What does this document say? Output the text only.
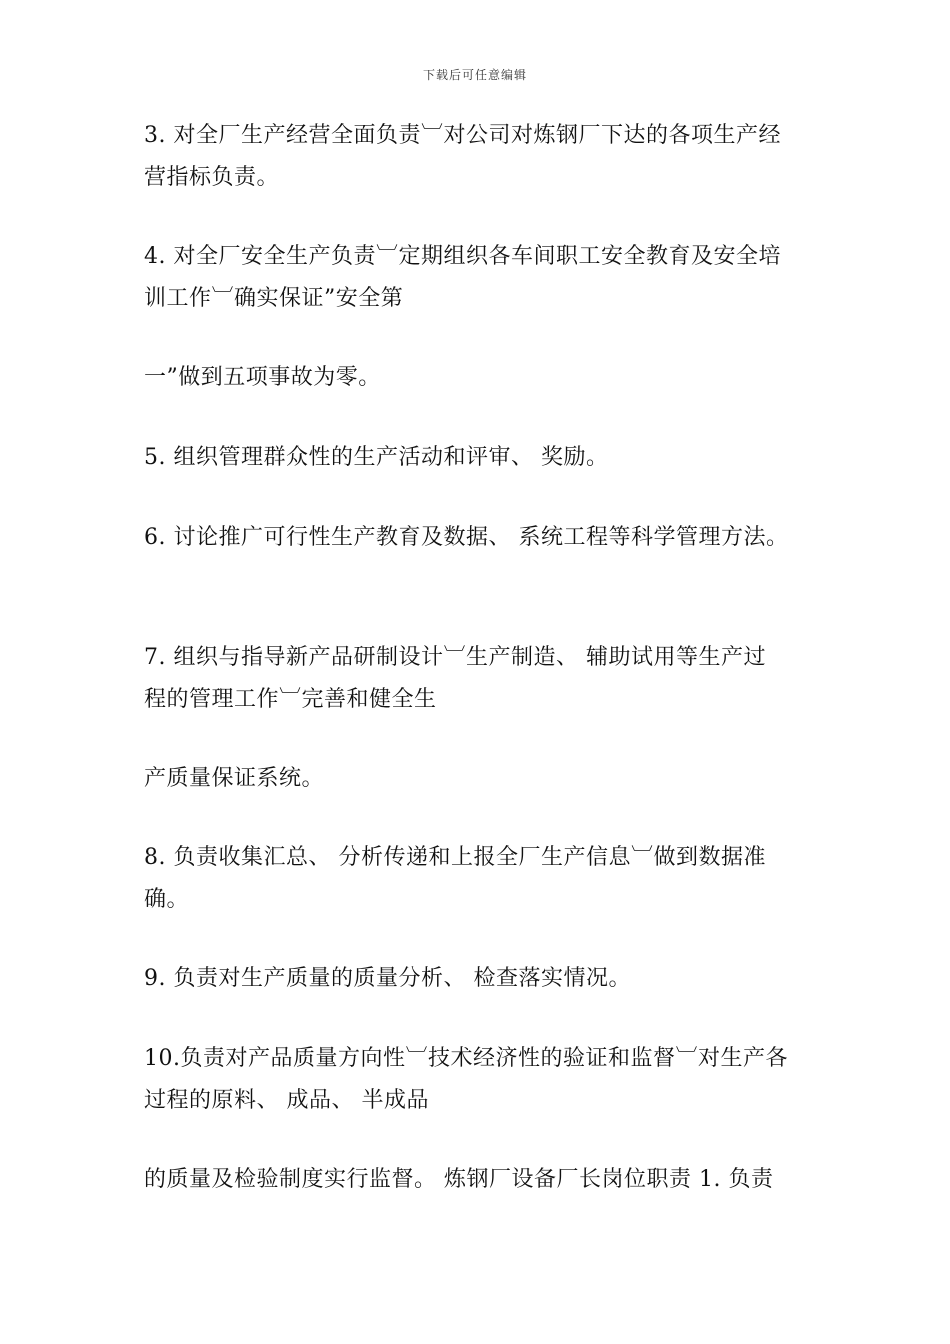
下载后可任意编辑
3. 对全厂生产经营全面负责︺对公司对炼钢厂下达的各项生产经
营指标负责。
4. 对全厂安全生产负责︺定期组织各车间职工安全教育及安全培
训工作︺确实保证”安全第
一”做到五项事故为零。
5. 组织管理群众性的生产活动和评审、 奖励。
6. 讨论推广可行性生产教育及数据、 系统工程等科学管理方法。
7. 组织与指导新产品研制设计︺生产制造、 辅助试用等生产过
程的管理工作︺完善和健全生
产质量保证系统。
8. 负责收集汇总、 分析传递和上报全厂生产信息︺做到数据准
确。
9. 负责对生产质量的质量分析、 检查落实情况。
10.负责对产品质量方向性︺技术经济性的验证和监督︺对生产各
过程的原料、 成品、 半成品
的质量及检验制度实行监督。 炼钢厂设备厂长岗位职责 1. 负责
